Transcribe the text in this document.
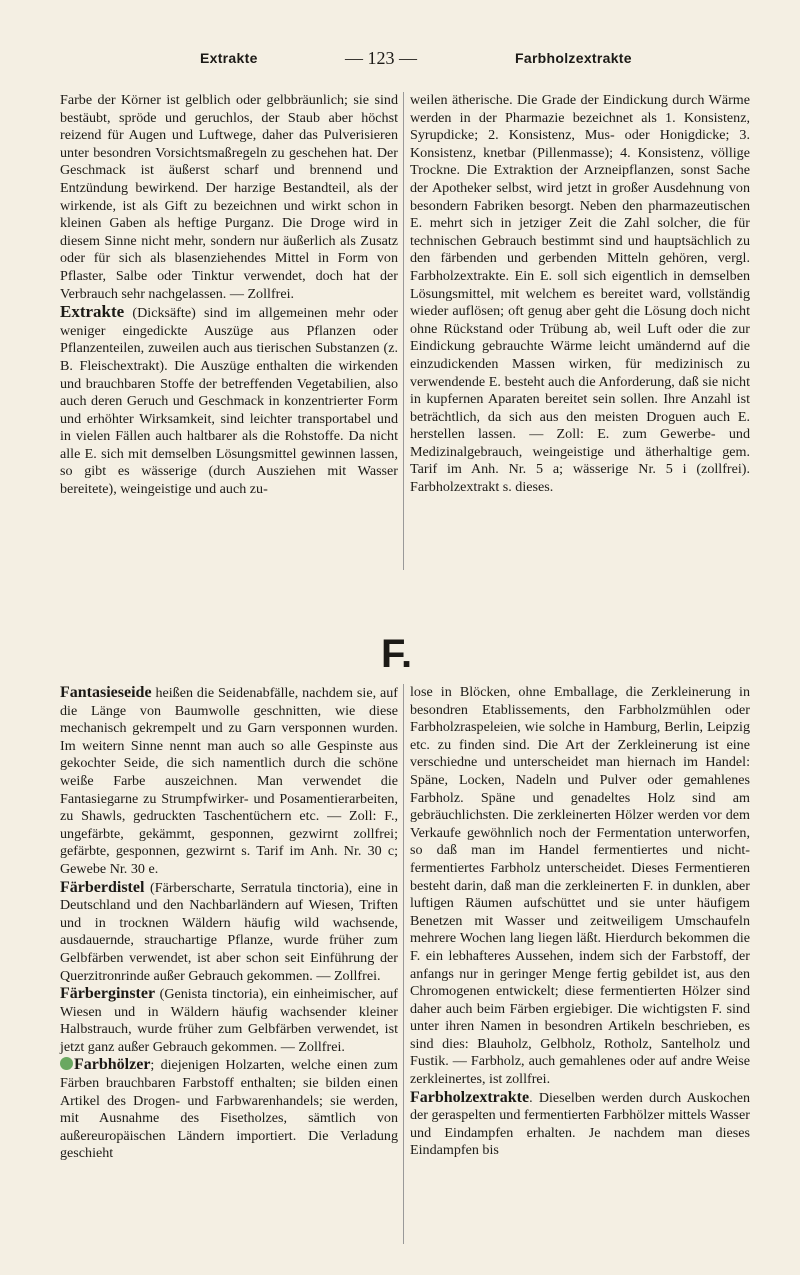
Extrakte	— 123 —	Farbholzextrakte

Farbe der Körner ist gelblich oder gelbbräunlich; sie sind bestäubt, spröde und geruchlos, der Staub aber höchst reizend für Augen und Luftwege, daher das Pulverisieren unter besondren Vorsichtsmaßregeln zu geschehen hat. Der Geschmack ist äußerst scharf und brennend und Entzündung bewirkend. Der harzige Bestandteil, als der wirkende, ist als Gift zu bezeichnen und wirkt schon in kleinen Gaben als heftige Purganz. Die Droge wird in diesem Sinne nicht mehr, sondern nur äußerlich als Zusatz oder für sich als blasenziehendes Mittel in Form von Pflaster, Salbe oder Tinktur verwendet, doch hat der Verbrauch sehr nachgelassen. — Zollfrei.

Extrakte (Dicksäfte) sind im allgemeinen mehr oder weniger eingedickte Auszüge aus Pflanzen oder Pflanzenteilen, zuweilen auch aus tierischen Substanzen (z. B. Fleischextrakt). Die Auszüge enthalten die wirkenden und brauchbaren Stoffe der betreffenden Vegetabilien, also auch deren Geruch und Geschmack in konzentrierter Form und erhöhter Wirksamkeit, sind leichter transportabel und in vielen Fällen auch haltbarer als die Rohstoffe. Da nicht alle E. sich mit demselben Lösungsmittel gewinnen lassen, so gibt es wässerige (durch Ausziehen mit Wasser bereitete), weingeistige und auch zu-

weilen ätherische. Die Grade der Eindickung durch Wärme werden in der Pharmazie bezeichnet als 1. Konsistenz, Syrupdicke; 2. Konsistenz, Mus- oder Honigdicke; 3. Konsistenz, knetbar (Pillenmasse); 4. Konsistenz, völlige Trockne. Die Extraktion der Arzneipflanzen, sonst Sache der Apotheker selbst, wird jetzt in großer Ausdehnung von besondern Fabriken besorgt. Neben den pharmazeutischen E. mehrt sich in jetziger Zeit die Zahl solcher, die für technischen Gebrauch bestimmt sind und hauptsächlich zu den färbenden und gerbenden Mitteln gehören, vergl. Farbholzextrakte. Ein E. soll sich eigentlich in demselben Lösungsmittel, mit welchem es bereitet ward, vollständig wieder auflösen; oft genug aber geht die Lösung doch nicht ohne Rückstand oder Trübung ab, weil Luft oder die zur Eindickung gebrauchte Wärme leicht umändernd auf die einzudickenden Massen wirken, für medizinisch zu verwendende E. besteht auch die Anforderung, daß sie nicht in kupfernen Aparaten bereitet sein sollen. Ihre Anzahl ist beträchtlich, da sich aus den meisten Droguen auch E. herstellen lassen. — Zoll: E. zum Gewerbe- und Medizinalgebrauch, weingeistige und ätherhaltige gem. Tarif im Anh. Nr. 5 a; wässerige Nr. 5 i (zollfrei). Farbholzextrakt s. dieses.

F.

Fantasieseide heißen die Seidenabfälle, nachdem sie, auf die Länge von Baumwolle geschnitten, wie diese mechanisch gekrempelt und zu Garn versponnen wurden. Im weitern Sinne nennt man auch so alle Gespinste aus gekochter Seide, die sich namentlich durch die schöne weiße Farbe auszeichnen. Man verwendet die Fantasiegarne zu Strumpfwirker- und Posamentierarbeiten, zu Shawls, gedruckten Taschentüchern etc. — Zoll: F., ungefärbte, gekämmt, gesponnen, gezwirnt zollfrei; gefärbte, gesponnen, gezwirnt s. Tarif im Anh. Nr. 30 c; Gewebe Nr. 30 e.

Färberdistel (Färberscharte, Serratula tinctoria), eine in Deutschland und den Nachbarländern auf Wiesen, Triften und in trocknen Wäldern häufig wild wachsende, ausdauernde, strauchartige Pflanze, wurde früher zum Gelbfärben verwendet, ist aber schon seit Einführung der Querzitronrinde außer Gebrauch gekommen. — Zollfrei.

Färberginster (Genista tinctoria), ein einheimischer, auf Wiesen und in Wäldern häufig wachsender kleiner Halbstrauch, wurde früher zum Gelbfärben verwendet, ist jetzt ganz außer Gebrauch gekommen. — Zollfrei.

Farbhölzer; diejenigen Holzarten, welche einen zum Färben brauchbaren Farbstoff enthalten; sie bilden einen Artikel des Drogen- und Farbwarenhandels; sie werden, mit Ausnahme des Fisetholzes, sämtlich von außereuropäischen Ländern importiert. Die Verladung geschieht

lose in Blöcken, ohne Emballage, die Zerkleinerung in besondren Etablissements, den Farbholzmühlen oder Farbholzraspeleien, wie solche in Hamburg, Berlin, Leipzig etc. zu finden sind. Die Art der Zerkleinerung ist eine verschiedne und unterscheidet man hiernach im Handel: Späne, Locken, Nadeln und Pulver oder gemahlenes Farbholz. Späne und genadeltes Holz sind am gebräuchlichsten. Die zerkleinerten Hölzer werden vor dem Verkaufe gewöhnlich noch der Fermentation unterworfen, so daß man im Handel fermentiertes und nicht-fermentiertes Farbholz unterscheidet. Dieses Fermentieren besteht darin, daß man die zerkleinerten F. in dunklen, aber luftigen Räumen aufschüttet und sie unter häufigem Benetzen mit Wasser und zeitweiligem Umschaufeln mehrere Wochen lang liegen läßt. Hierdurch bekommen die F. ein lebhafteres Aussehen, indem sich der Farbstoff, der anfangs nur in geringer Menge fertig gebildet ist, aus den Chromogenen entwickelt; diese fermentierten Hölzer sind daher auch beim Färben ergiebiger. Die wichtigsten F. sind unter ihren Namen in besondren Artikeln beschrieben, es sind dies: Blauholz, Gelbholz, Rotholz, Santelholz und Fustik. — Farbholz, auch gemahlenes oder auf andre Weise zerkleinertes, ist zollfrei.

Farbholzextrakte. Dieselben werden durch Auskochen der geraspelten und fermentierten Farbhölzer mittels Wasser und Eindampfen erhalten. Je nachdem man dieses Eindampfen bis
